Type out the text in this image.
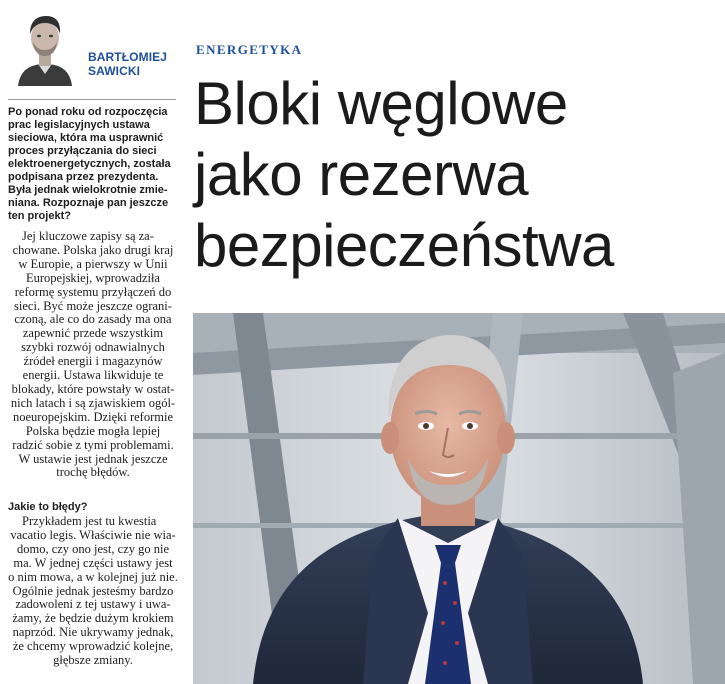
BARTŁOMIEJ
SAWICKI
Po ponad roku od rozpoczęcia
prac legislacyjnych ustawa
sieciowa, która ma usprawnić
proces przyłączania do sieci
elektroenergetycznych, została
podpisana przez prezydenta.
Była jednak wielokrotnie zmie-
niana. Rozpoznaje pan jeszcze
ten projekt?
Jej kluczowe zapisy są za-
chowane. Polska jako drugi kraj
w Europie, a pierwszy w Unii
Europejskiej, wprowadziła
reformę systemu przyłączeń do
sieci. Być może jeszcze ograni-
czoną, ale co do zasady ma ona
zapewnić przede wszystkim
szybki rozwój odnawialnych
źródeł energii i magazynów
energii. Ustawa likwiduje te
blokady, które powstały w ostat-
nich latach i są zjawiskiem ogól-
noeuropejskim. Dzięki reformie
Polska będzie mogła lepiej
radzić sobie z tymi problemami.
W ustawie jest jednak jeszcze
trochę błędów.
Jakie to błędy?
Przykładem jest tu kwestia
vacatio legis. Właściwie nie wia-
domo, czy ono jest, czy go nie
ma. W jednej części ustawy jest
o nim mowa, a w kolejnej już nie.
Ogólnie jednak jesteśmy bardzo
zadowoleni z tej ustawy i uwa-
żamy, że będzie dużym krokiem
naprzód. Nie ukrywamy jednak,
że chcemy wprowadzić kolejne,
głębsze zmiany.
ENERGETYKA
Bloki węglowe
jako rezerwa
bezpieczeństwa
